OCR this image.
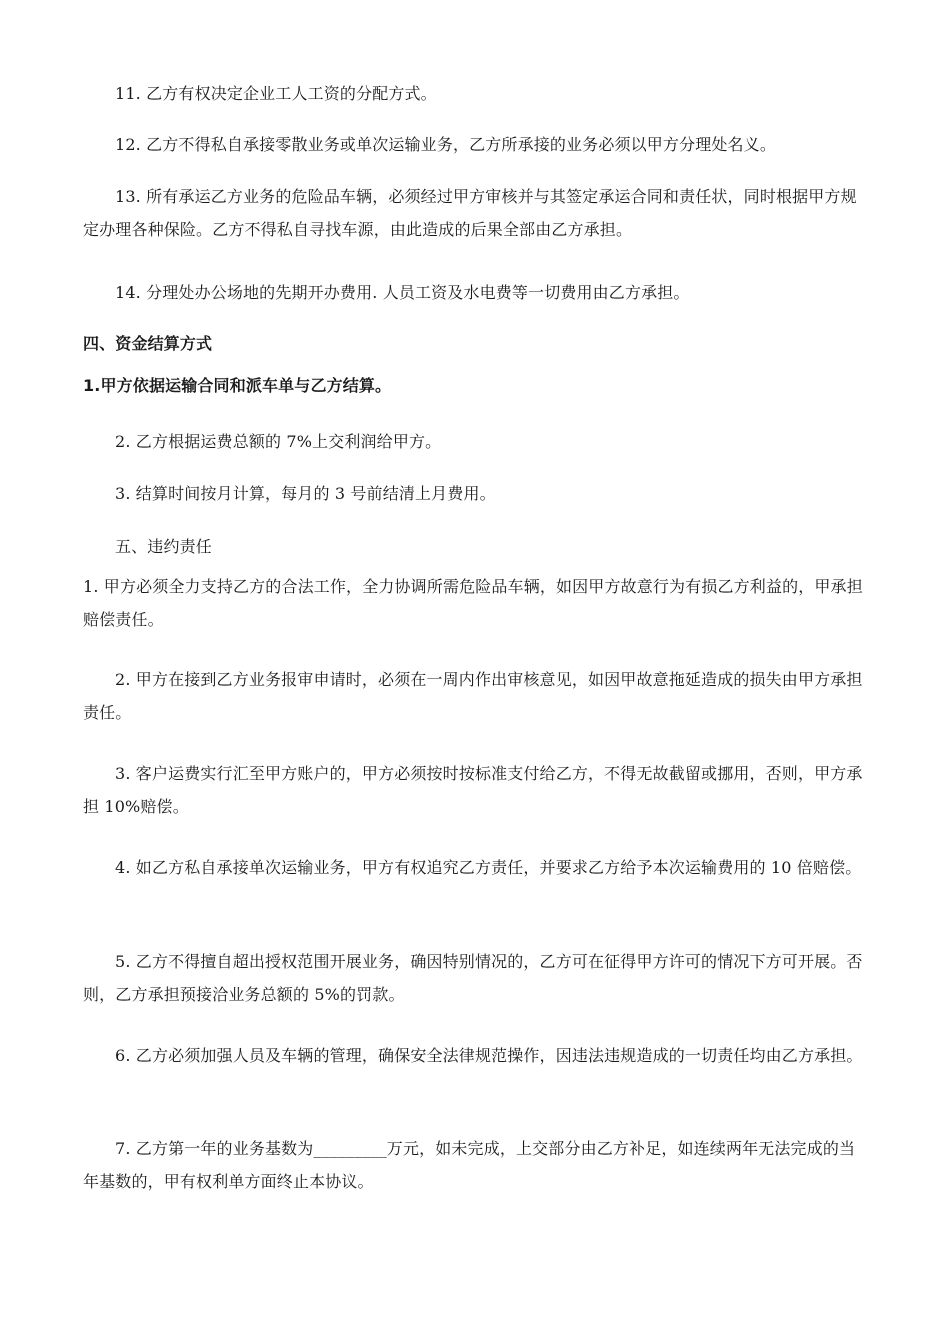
11. 乙方有权决定企业工人工资的分配方式。

12. 乙方不得私自承接零散业务或单次运输业务，乙方所承接的业务必须以甲方分理处名义。

13. 所有承运乙方业务的危险品车辆，必须经过甲方审核并与其签定承运合同和责任状，同时根据甲方规定办理各种保险。乙方不得私自寻找车源，由此造成的后果全部由乙方承担。

14. 分理处办公场地的先期开办费用. 人员工资及水电费等一切费用由乙方承担。

四、资金结算方式

1.甲方依据运输合同和派车单与乙方结算。

2. 乙方根据运费总额的 7%上交利润给甲方。

3. 结算时间按月计算，每月的 3 号前结清上月费用。

五、违约责任

1. 甲方必须全力支持乙方的合法工作，全力协调所需危险品车辆，如因甲方故意行为有损乙方利益的，甲承担赔偿责任。

2. 甲方在接到乙方业务报审申请时，必须在一周内作出审核意见，如因甲故意拖延造成的损失由甲方承担责任。

3. 客户运费实行汇至甲方账户的，甲方必须按时按标准支付给乙方，不得无故截留或挪用，否则，甲方承担 10%赔偿。

4. 如乙方私自承接单次运输业务，甲方有权追究乙方责任，并要求乙方给予本次运输费用的 10 倍赔偿。

5. 乙方不得擅自超出授权范围开展业务，确因特别情况的，乙方可在征得甲方许可的情况下方可开展。否则，乙方承担预接洽业务总额的 5%的罚款。

6. 乙方必须加强人员及车辆的管理，确保安全法律规范操作，因违法违规造成的一切责任均由乙方承担。

7. 乙方第一年的业务基数为_________万元，如未完成，上交部分由乙方补足，如连续两年无法完成的当年基数的，甲有权利单方面终止本协议。
